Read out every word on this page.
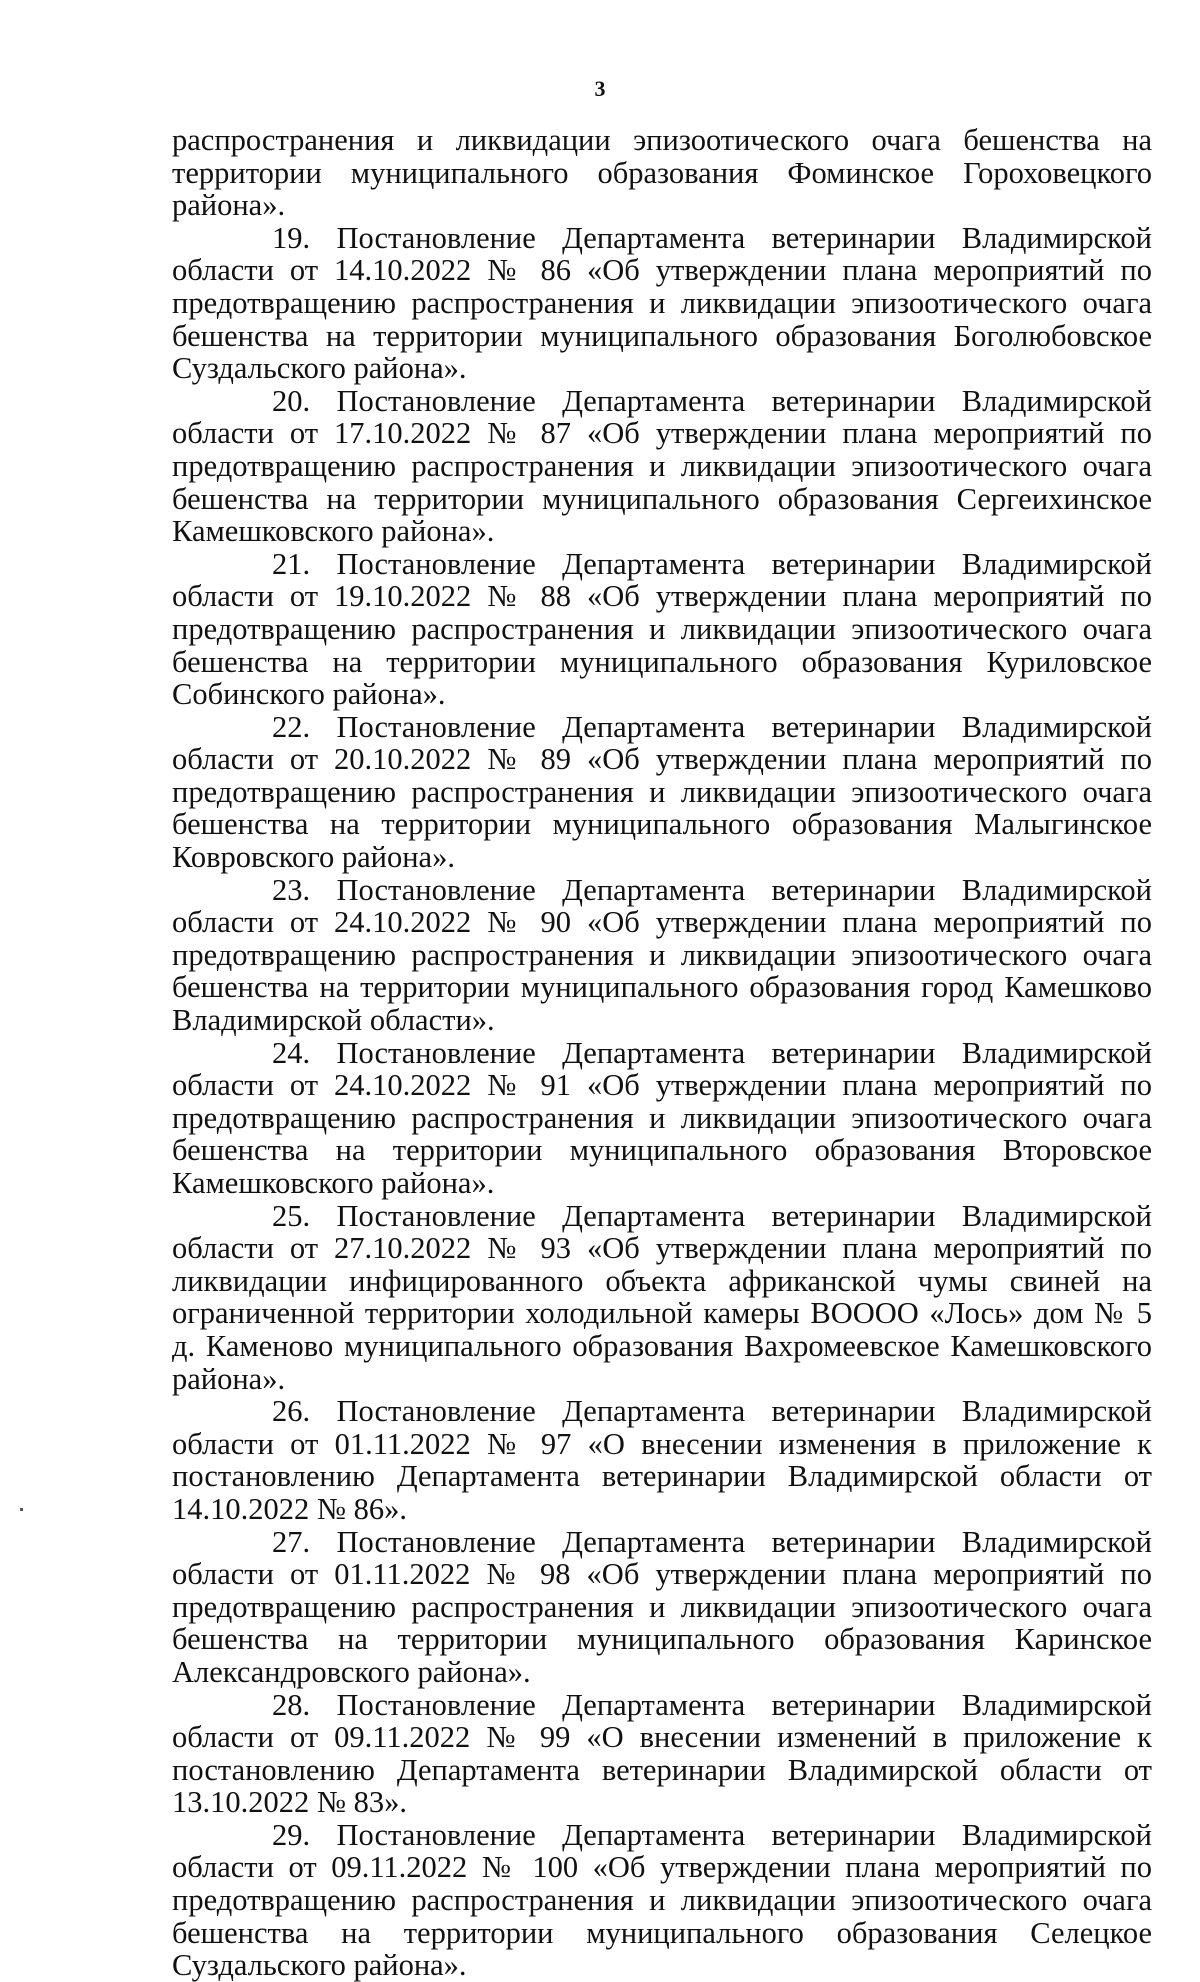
3

распространения и ликвидации эпизоотического очага бешенства на территории муниципального образования Фоминское Гороховецкого района».

19. Постановление Департамента ветеринарии Владимирской области от 14.10.2022 № 86 «Об утверждении плана мероприятий по предотвращению распространения и ликвидации эпизоотического очага бешенства на территории муниципального образования Боголюбовское Суздальского района».

20. Постановление Департамента ветеринарии Владимирской области от 17.10.2022 № 87 «Об утверждении плана мероприятий по предотвращению распространения и ликвидации эпизоотического очага бешенства на территории муниципального образования Сергеихинское Камешковского района».

21. Постановление Департамента ветеринарии Владимирской области от 19.10.2022 № 88 «Об утверждении плана мероприятий по предотвращению распространения и ликвидации эпизоотического очага бешенства на территории муниципального образования Куриловское Собинского района».

22. Постановление Департамента ветеринарии Владимирской области от 20.10.2022 № 89 «Об утверждении плана мероприятий по предотвращению распространения и ликвидации эпизоотического очага бешенства на территории муниципального образования Малыгинское Ковровского района».

23. Постановление Департамента ветеринарии Владимирской области от 24.10.2022 № 90 «Об утверждении плана мероприятий по предотвращению распространения и ликвидации эпизоотического очага бешенства на территории муниципального образования город Камешково Владимирской области».

24. Постановление Департамента ветеринарии Владимирской области от 24.10.2022 № 91 «Об утверждении плана мероприятий по предотвращению распространения и ликвидации эпизоотического очага бешенства на территории муниципального образования Второвское Камешковского района».

25. Постановление Департамента ветеринарии Владимирской области от 27.10.2022 № 93 «Об утверждении плана мероприятий по ликвидации инфицированного объекта африканской чумы свиней на ограниченной территории холодильной камеры ВОООО «Лось» дом № 5 д. Каменово муниципального образования Вахромеевское Камешковского района».

26. Постановление Департамента ветеринарии Владимирской области от 01.11.2022 № 97 «О внесении изменения в приложение к постановлению Департамента ветеринарии Владимирской области от 14.10.2022 № 86».

27. Постановление Департамента ветеринарии Владимирской области от 01.11.2022 № 98 «Об утверждении плана мероприятий по предотвращению распространения и ликвидации эпизоотического очага бешенства на территории муниципального образования Каринское Александровского района».

28. Постановление Департамента ветеринарии Владимирской области от 09.11.2022 № 99 «О внесении изменений в приложение к постановлению Департамента ветеринарии Владимирской области от 13.10.2022 № 83».

29. Постановление Департамента ветеринарии Владимирской области от 09.11.2022 № 100 «Об утверждении плана мероприятий по предотвращению распространения и ликвидации эпизоотического очага бешенства на территории муниципального образования Селецкое Суздальского района».
